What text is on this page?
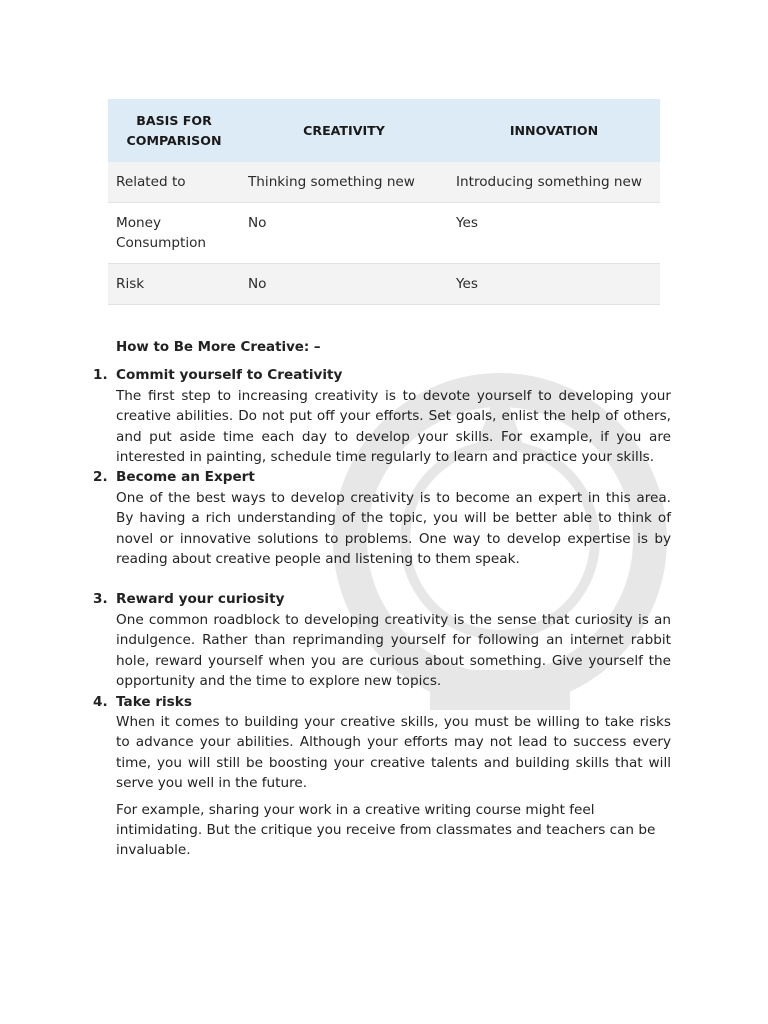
BASIS FOR COMPARISON	CREATIVITY	INNOVATION
Related to	Thinking something new	Introducing something new
Money Consumption	No	Yes
Risk	No	Yes
How to Be More Creative: –
1. Commit yourself to Creativity
The first step to increasing creativity is to devote yourself to developing your creative abilities. Do not put off your efforts. Set goals, enlist the help of others, and put aside time each day to develop your skills. For example, if you are interested in painting, schedule time regularly to learn and practice your skills.
2. Become an Expert
One of the best ways to develop creativity is to become an expert in this area. By having a rich understanding of the topic, you will be better able to think of novel or innovative solutions to problems. One way to develop expertise is by reading about creative people and listening to them speak.
3. Reward your curiosity
One common roadblock to developing creativity is the sense that curiosity is an indulgence. Rather than reprimanding yourself for following an internet rabbit hole, reward yourself when you are curious about something. Give yourself the opportunity and the time to explore new topics.
4. Take risks
When it comes to building your creative skills, you must be willing to take risks to advance your abilities. Although your efforts may not lead to success every time, you will still be boosting your creative talents and building skills that will serve you well in the future.

For example, sharing your work in a creative writing course might feel intimidating. But the critique you receive from classmates and teachers can be invaluable.
